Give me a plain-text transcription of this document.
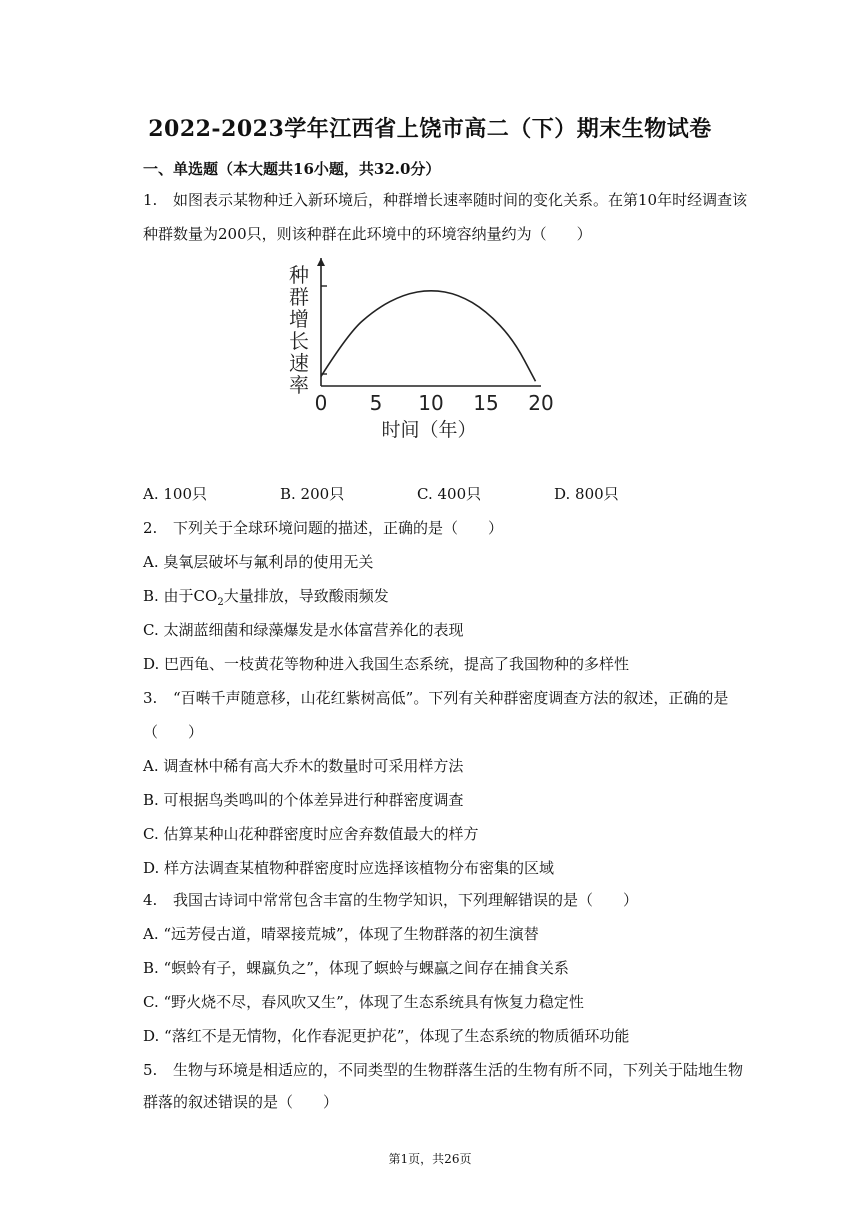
2022-2023学年江西省上饶市高二（下）期末生物试卷
一、单选题（本大题共16小题，共32.0分）
1. 如图表示某物种迁入新环境后，种群增长速率随时间的变化关系。在第10年时经调查该
种群数量为200只，则该种群在此环境中的环境容纳量约为（　　）
种
群
增
长
速
率
0 5 10 15 20
时间（年）
A. 100只	B. 200只	C. 400只	D. 800只
2. 下列关于全球环境问题的描述，正确的是（　　）
A. 臭氧层破坏与氟利昂的使用无关
B. 由于$CO_2$大量排放，导致酸雨频发
C. 太湖蓝细菌和绿藻爆发是水体富营养化的表现
D. 巴西龟、一枝黄花等物种进入我国生态系统，提高了我国物种的多样性
3. “百啭千声随意移，山花红紫树高低”。下列有关种群密度调查方法的叙述，正确的是
（　　）
A. 调查林中稀有高大乔木的数量时可采用样方法
B. 可根据鸟类鸣叫的个体差异进行种群密度调查
C. 估算某种山花种群密度时应舍弃数值最大的样方
D. 样方法调查某植物种群密度时应选择该植物分布密集的区域
4. 我国古诗词中常常包含丰富的生物学知识，下列理解错误的是（　　）
A. “远芳侵古道，晴翠接荒城”，体现了生物群落的初生演替
B. “螟蛉有子，蜾蠃负之”，体现了螟蛉与蜾蠃之间存在捕食关系
C. “野火烧不尽，春风吹又生”，体现了生态系统具有恢复力稳定性
D. “落红不是无情物，化作春泥更护花”，体现了生态系统的物质循环功能
5. 生物与环境是相适应的，不同类型的生物群落生活的生物有所不同，下列关于陆地生物
群落的叙述错误的是（　　）
第1页，共26页
